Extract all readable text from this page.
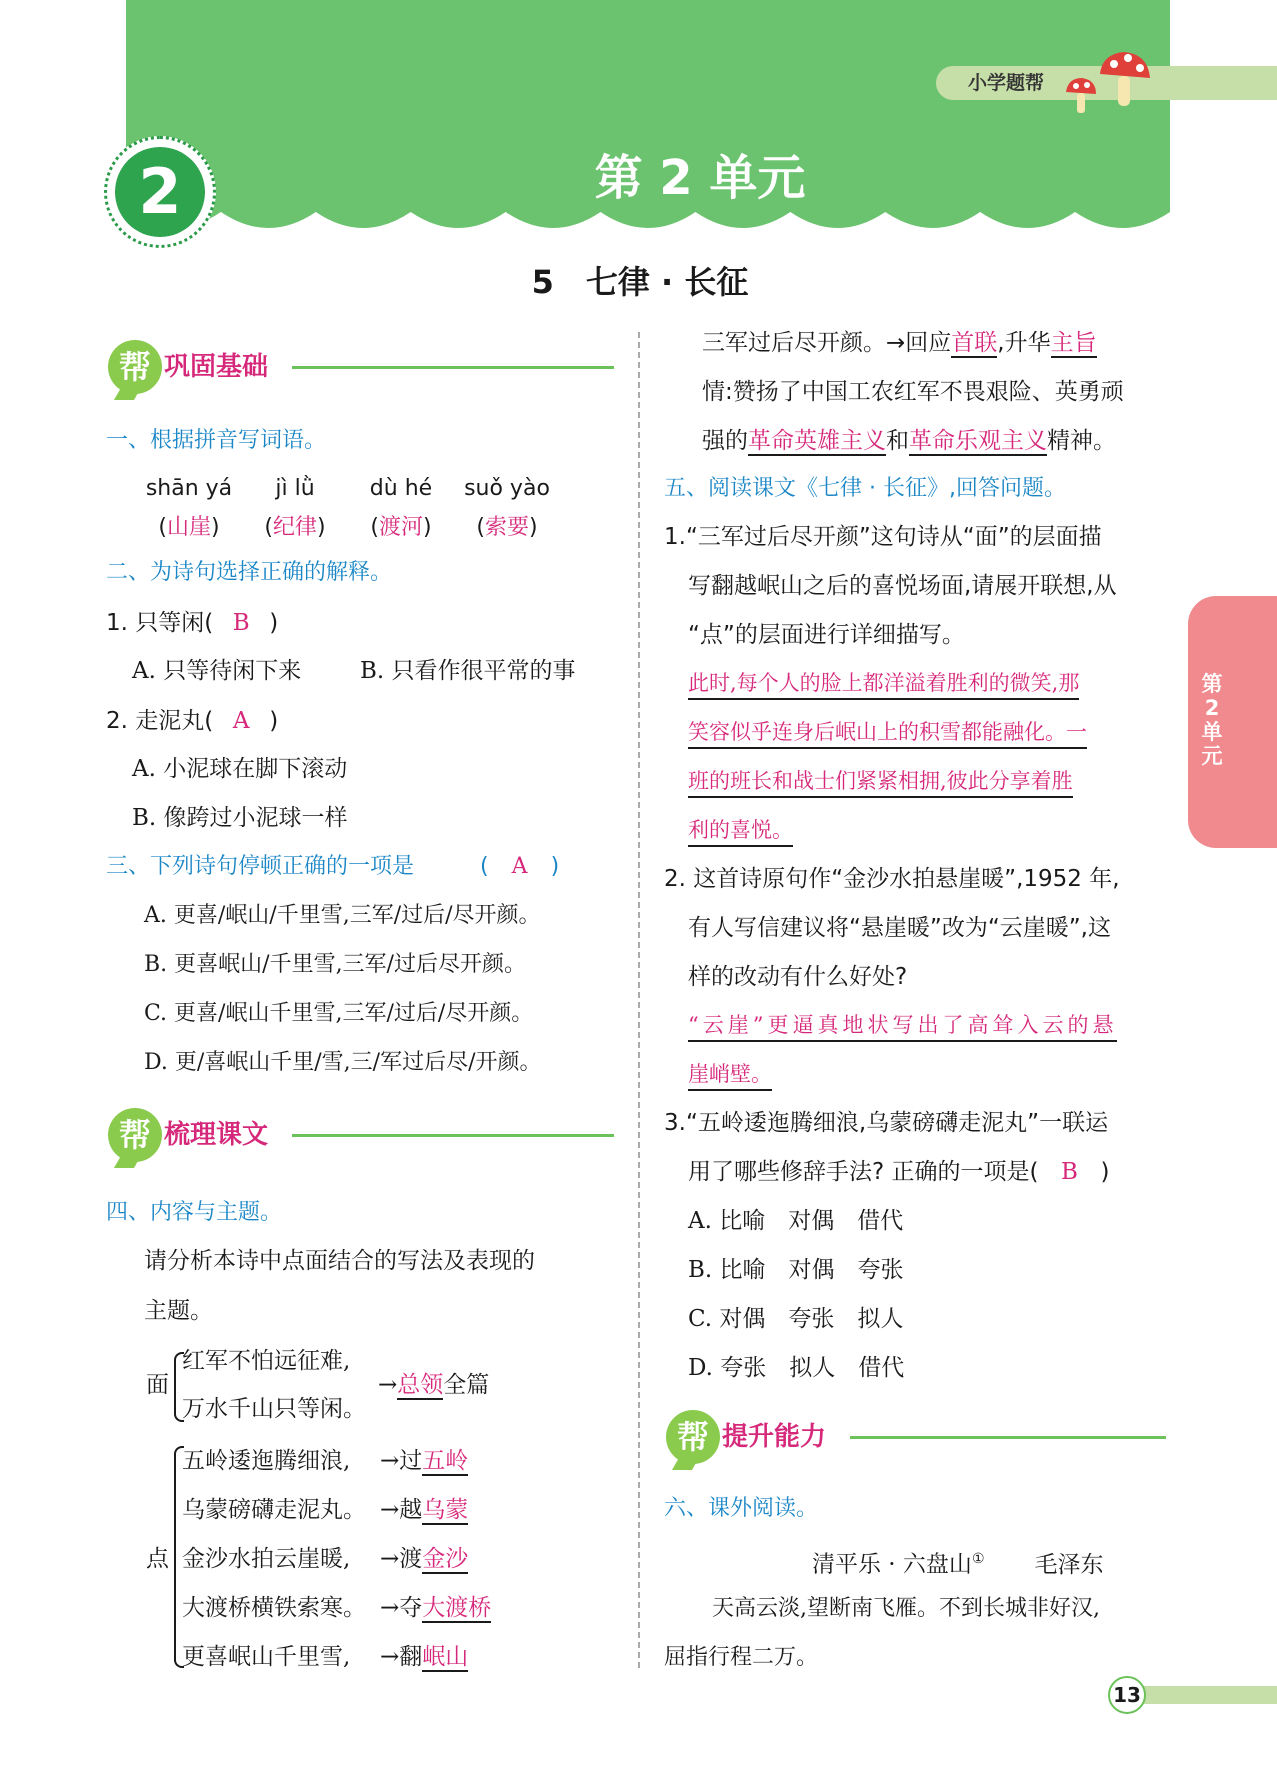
小学题帮
2	第 2 单元
5　七律 · 长征
第
2
单
元
帮 巩固基础
一、根据拼音写词语。
shān yá	jì lǜ	dù hé	suǒ yào
(山崖)	(纪律)	(渡河)	(索要)
二、为诗句选择正确的解释。
1. 只等闲( B )
A. 只等待闲下来	B. 只看作很平常的事
2. 走泥丸( A )
A. 小泥球在脚下滚动
B. 像跨过小泥球一样
三、下列诗句停顿正确的一项是	( A )
A. 更喜/岷山/千里雪,三军/过后/尽开颜。
B. 更喜岷山/千里雪,三军/过后尽开颜。
C. 更喜/岷山千里雪,三军/过后/尽开颜。
D. 更/喜岷山千里/雪,三/军过后尽/开颜。
帮 梳理课文
四、内容与主题。
请分析本诗中点面结合的写法及表现的
主题。
面
红军不怕远征难,
万水千山只等闲。
→总领全篇
点
五岭逶迤腾细浪, →过五岭
乌蒙磅礴走泥丸。 →越乌蒙
金沙水拍云崖暖, →渡金沙
大渡桥横铁索寒。 →夺大渡桥
更喜岷山千里雪, →翻岷山
三军过后尽开颜。→回应首联,升华主旨
情:赞扬了中国工农红军不畏艰险、英勇顽
强的革命英雄主义和革命乐观主义精神。
五、阅读课文《七律 · 长征》,回答问题。
1.“三军过后尽开颜”这句诗从“面”的层面描
写翻越岷山之后的喜悦场面,请展开联想,从
“点”的层面进行详细描写。
此时,每个人的脸上都洋溢着胜利的微笑,那
笑容似乎连身后岷山上的积雪都能融化。一
班的班长和战士们紧紧相拥,彼此分享着胜
利的喜悦。
2. 这首诗原句作“金沙水拍悬崖暖”,1952 年,
有人写信建议将“悬崖暖”改为“云崖暖”,这
样的改动有什么好处?
“云崖”更逼真地状写出了高耸入云的悬
崖峭壁。
3.“五岭逶迤腾细浪,乌蒙磅礴走泥丸”一联运
用了哪些修辞手法? 正确的一项是( B )
A. 比喻　对偶　借代
B. 比喻　对偶　夸张
C. 对偶　夸张　拟人
D. 夸张　拟人　借代
帮 提升能力
六、课外阅读。
清平乐 · 六盘山① 毛泽东
天高云淡,望断南飞雁。不到长城非好汉,
屈指行程二万。
13
